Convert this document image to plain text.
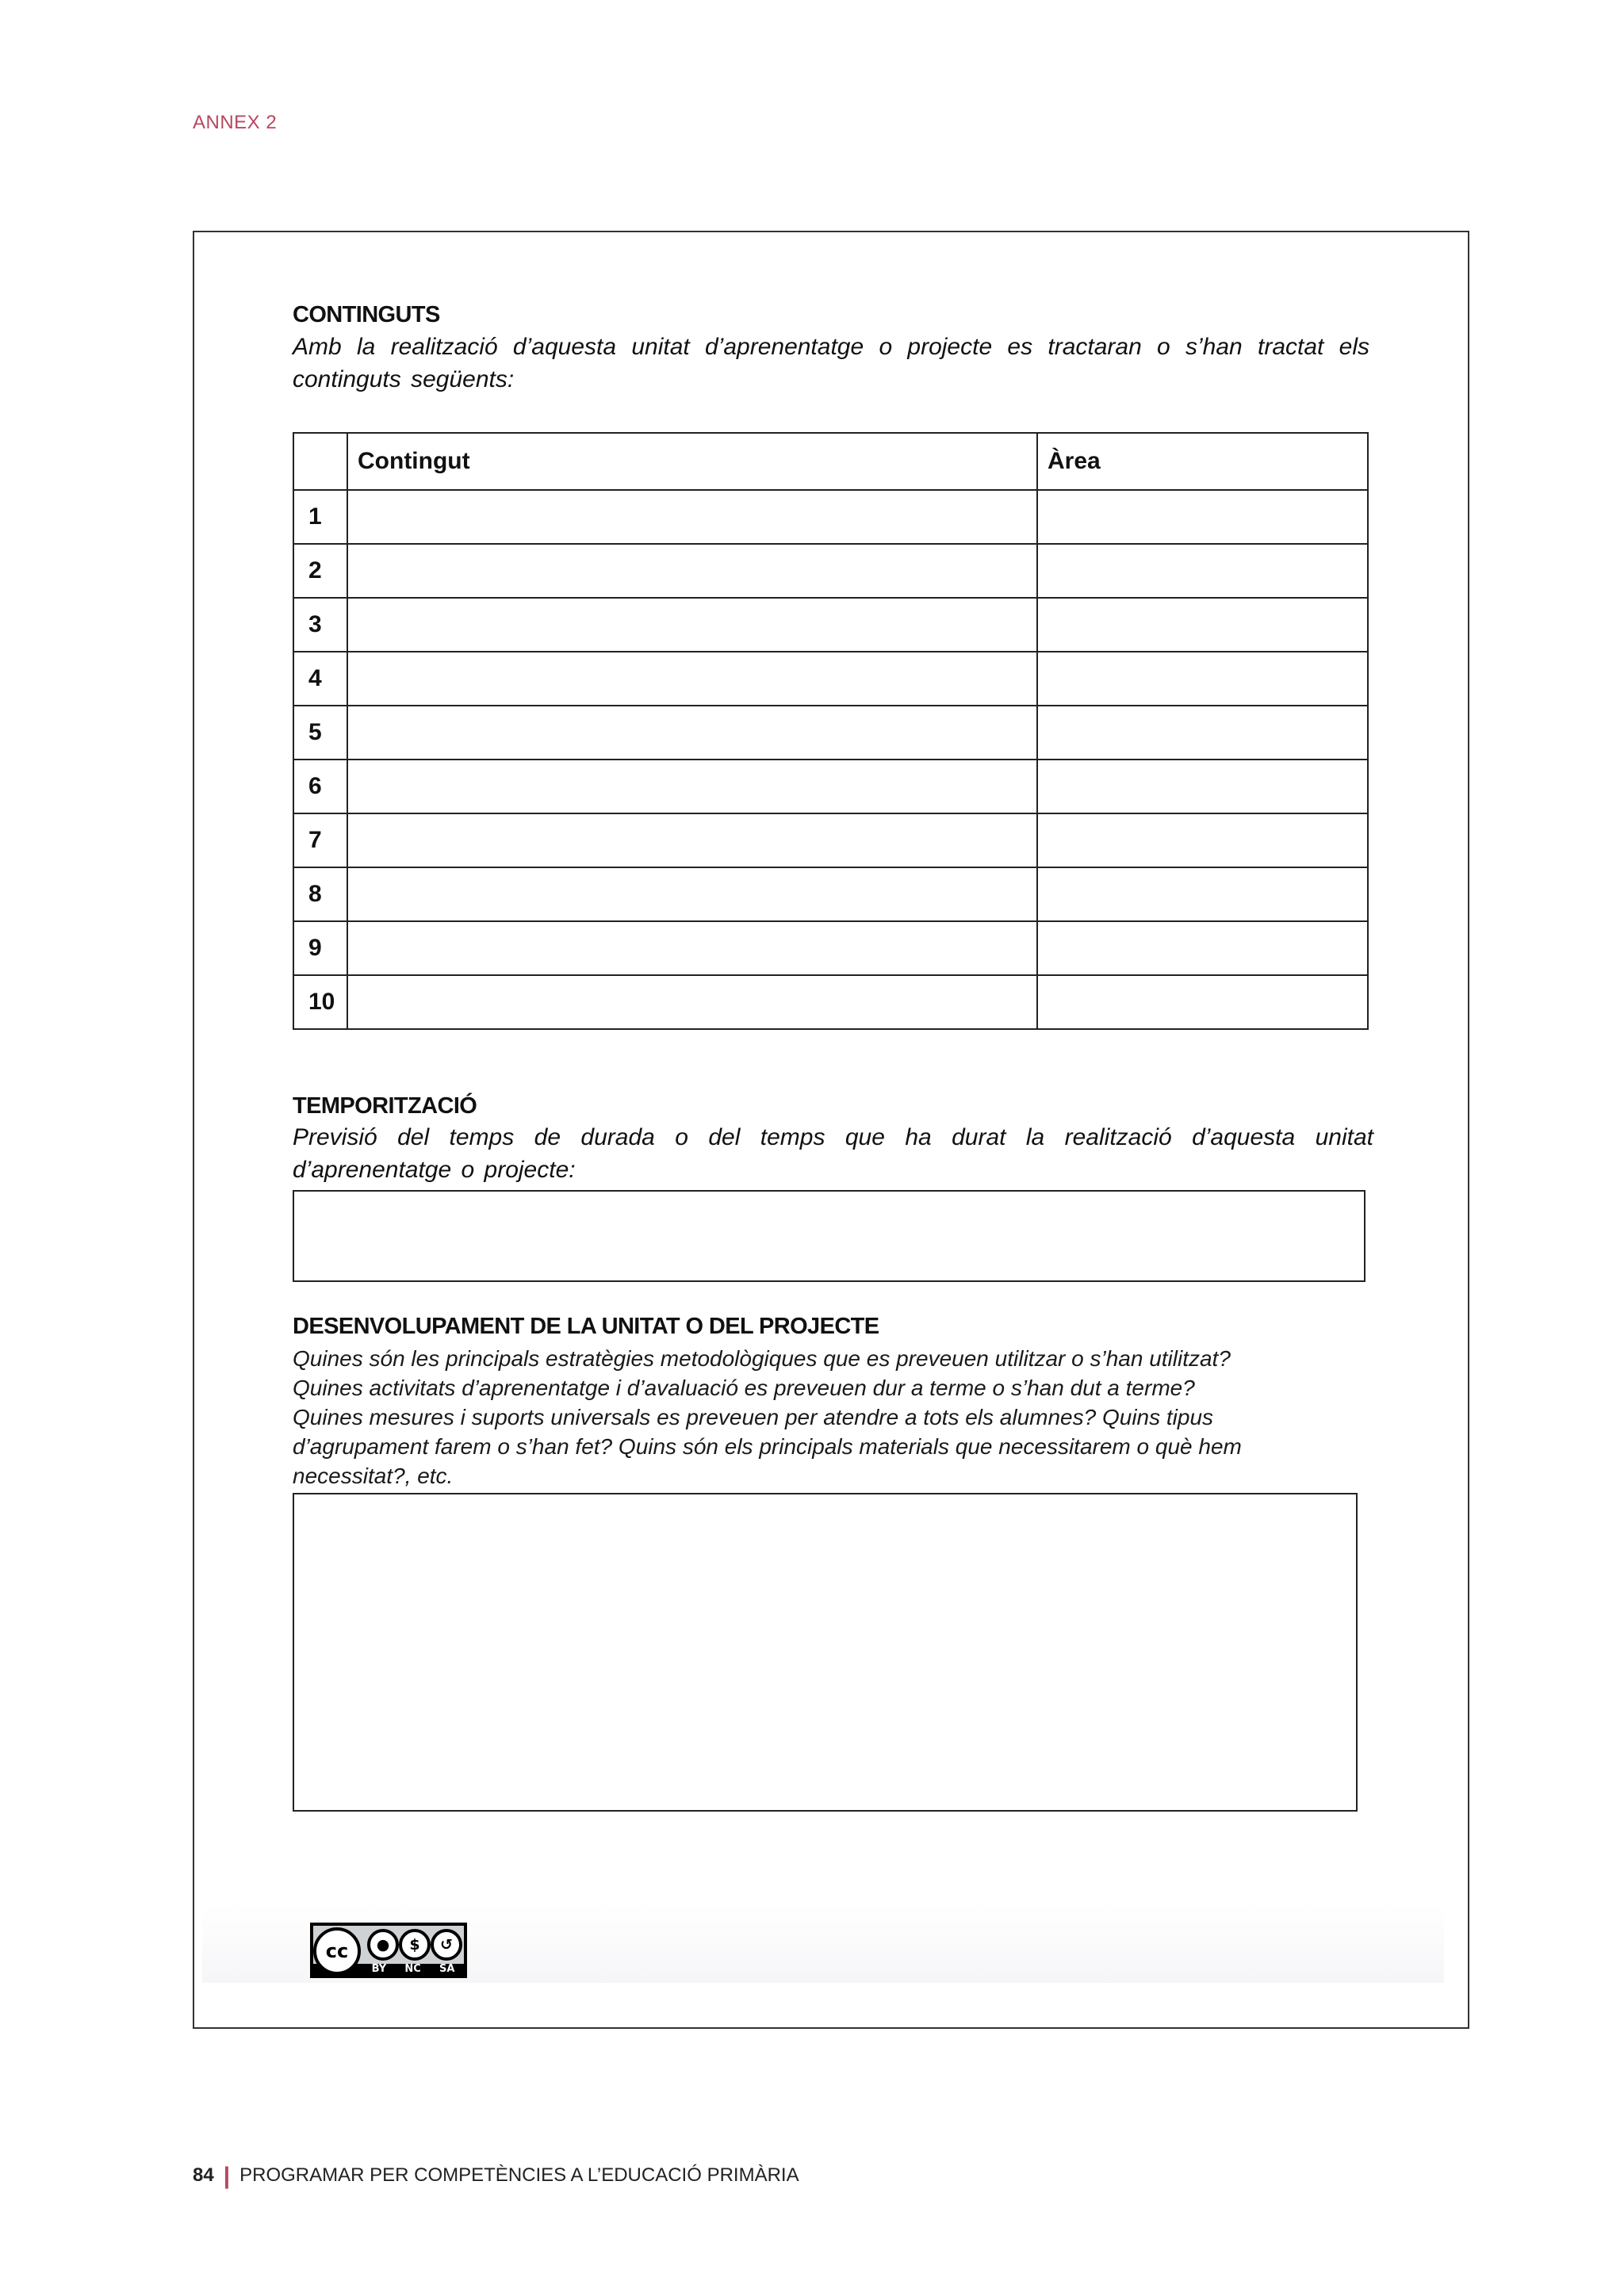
ANNEX 2
CONTINGUTS
Amb la realització d’aquesta unitat d’aprenentatge o projecte es tractaran o s’han tractat els continguts següents:
	Contingut	Àrea
1		
2		
3		
4		
5		
6		
7		
8		
9		
10		
TEMPORITZACIÓ
Previsió del temps de durada o del temps que ha durat la realització d’aquesta unitat d’aprenentatge o projecte:
DESENVOLUPAMENT DE LA UNITAT O DEL PROJECTE
Quines són les principals estratègies metodològiques que es preveuen utilitzar o s’han utilitzat?
Quines activitats d’aprenentatge i d’avaluació es preveuen dur a terme o s’han dut a terme?
Quines mesures i suports universals es preveuen per atendre a tots els alumnes? Quins tipus
d’agrupament farem o s’han fet? Quins són els principals materials que necessitarem o què hem
necessitat?, etc.
cc	●	$	↺
BY NC SA
84 | PROGRAMAR PER COMPETÈNCIES A L’EDUCACIÓ PRIMÀRIA
